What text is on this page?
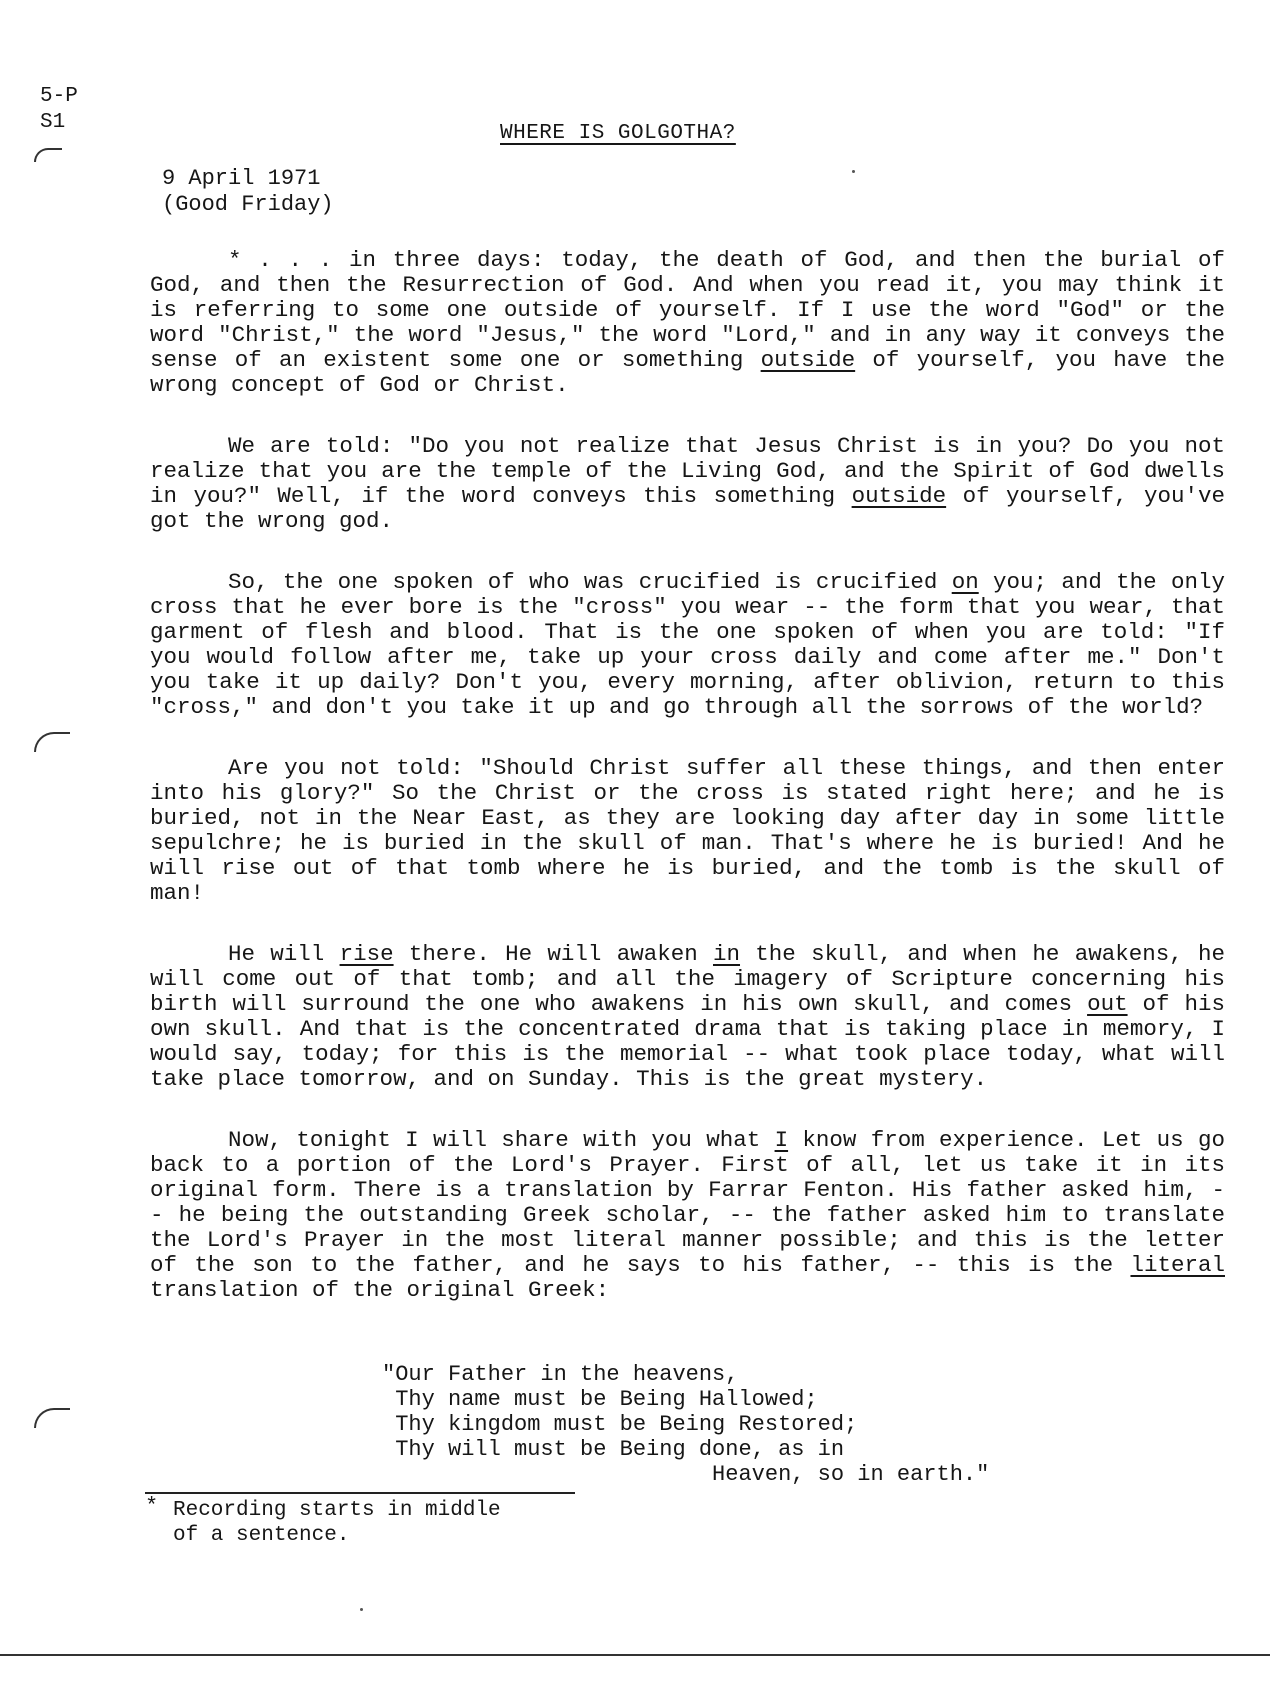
5-P
S1	WHERE IS GOLGOTHA?
9 April 1971
(Good Friday)

* . . . in three days: today, the death of God, and then the burial of God, and then the Resurrection of God. And when you read it, you may think it is referring to some one outside of yourself. If I use the word "God" or the word "Christ," the word "Jesus," the word "Lord," and in any way it conveys the sense of an existent some one or something outside of yourself, you have the wrong concept of God or Christ.

We are told: "Do you not realize that Jesus Christ is in you? Do you not realize that you are the temple of the Living God, and the Spirit of God dwells in you?" Well, if the word conveys this something outside of yourself, you've got the wrong god.

So, the one spoken of who was crucified is crucified on you; and the only cross that he ever bore is the "cross" you wear -- the form that you wear, that garment of flesh and blood. That is the one spoken of when you are told: "If you would follow after me, take up your cross daily and come after me." Don't you take it up daily? Don't you, every morning, after oblivion, return to this "cross," and don't you take it up and go through all the sorrows of the world?

Are you not told: "Should Christ suffer all these things, and then enter into his glory?" So the Christ or the cross is stated right here; and he is buried, not in the Near East, as they are looking day after day in some little sepulchre; he is buried in the skull of man. That's where he is buried! And he will rise out of that tomb where he is buried, and the tomb is the skull of man!

He will rise there. He will awaken in the skull, and when he awakens, he will come out of that tomb; and all the imagery of Scripture concerning his birth will surround the one who awakens in his own skull, and comes out of his own skull. And that is the concentrated drama that is taking place in memory, I would say, today; for this is the memorial -- what took place today, what will take place tomorrow, and on Sunday. This is the great mystery.

Now, tonight I will share with you what I know from experience. Let us go back to a portion of the Lord's Prayer. First of all, let us take it in its original form. There is a translation by Farrar Fenton. His father asked him, -- he being the outstanding Greek scholar, -- the father asked him to translate the Lord's Prayer in the most literal manner possible; and this is the letter of the son to the father, and he says to his father, -- this is the literal translation of the original Greek:

"Our Father in the heavens,
Thy name must be Being Hallowed;
Thy kingdom must be Being Restored;
Thy will must be Being done, as in
Heaven, so in earth."
* Recording starts in middle
of a sentence.
